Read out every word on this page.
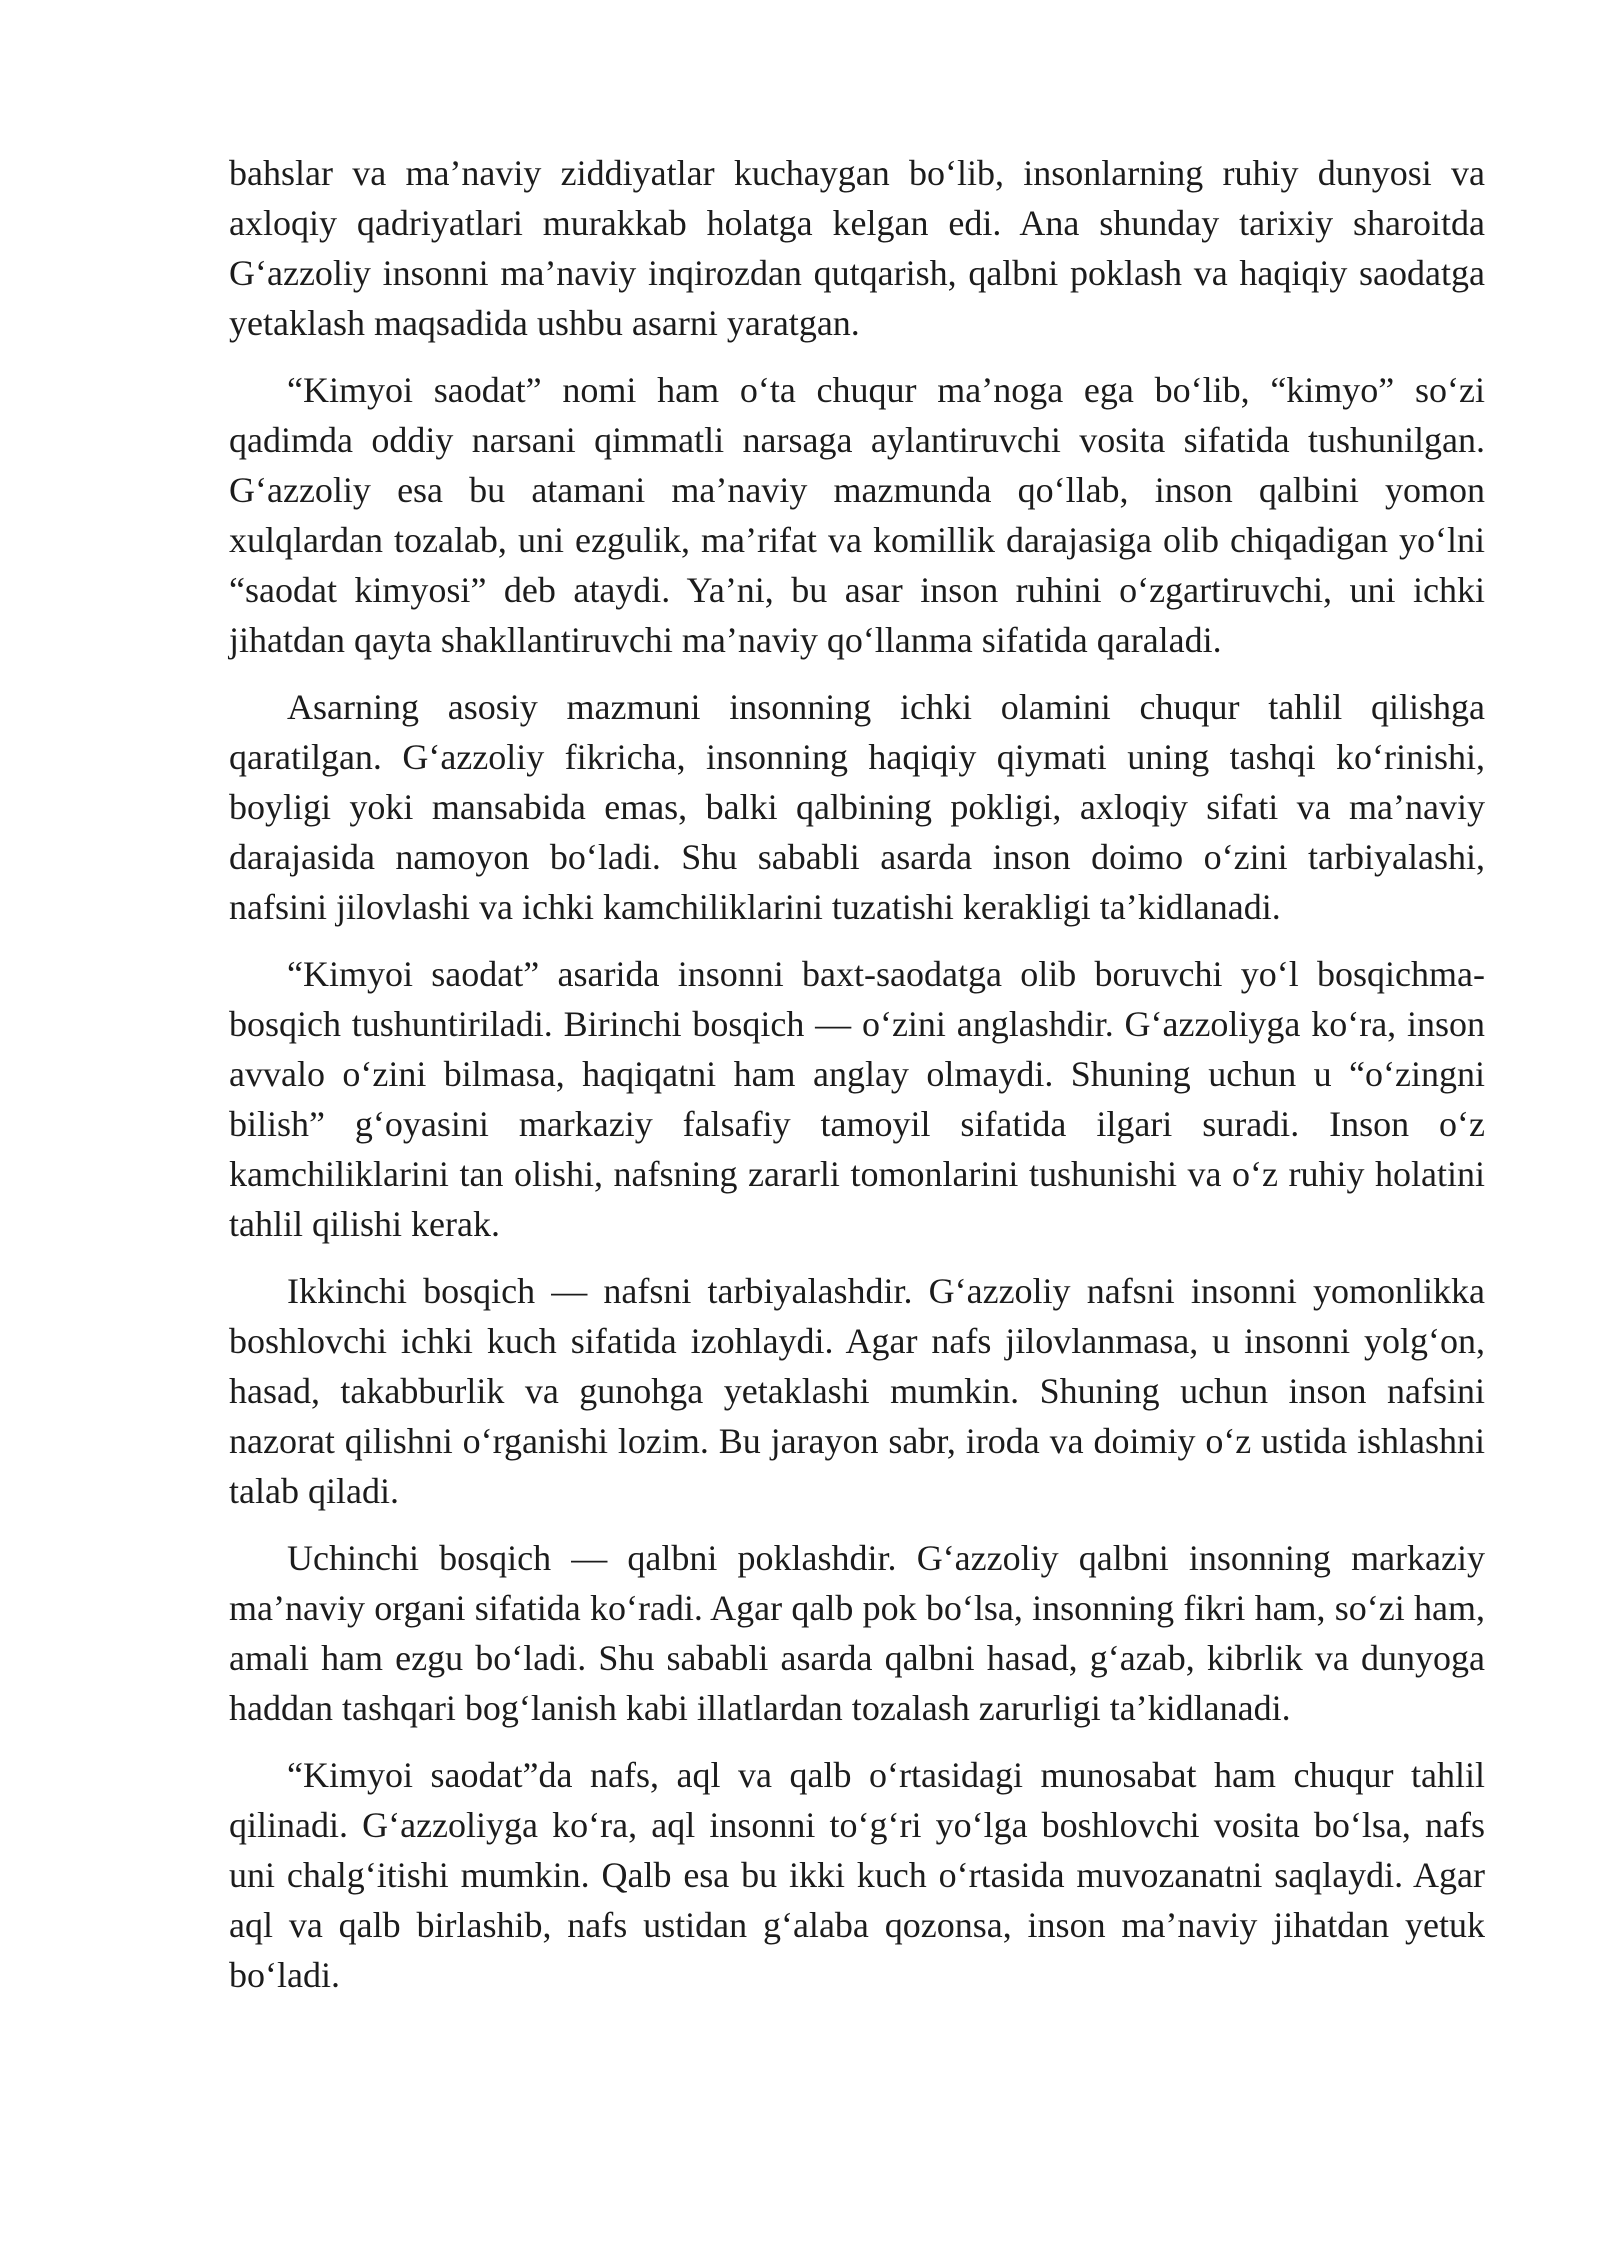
bahslar va ma’naviy ziddiyatlar kuchaygan bo‘lib, insonlarning ruhiy dunyosi va axloqiy qadriyatlari murakkab holatga kelgan edi. Ana shunday tarixiy sharoitda G‘azzoliy insonni ma’naviy inqirozdan qutqarish, qalbni poklash va haqiqiy saodatga yetaklash maqsadida ushbu asarni yaratgan.

“Kimyoi saodat” nomi ham o‘ta chuqur ma’noga ega bo‘lib, “kimyo” so‘zi qadimda oddiy narsani qimmatli narsaga aylantiruvchi vosita sifatida tushunilgan. G‘azzoliy esa bu atamani ma’naviy mazmunda qo‘llab, inson qalbini yomon xulqlardan tozalab, uni ezgulik, ma’rifat va komillik darajasiga olib chiqadigan yo‘lni “saodat kimyosi” deb ataydi. Ya’ni, bu asar inson ruhini o‘zgartiruvchi, uni ichki jihatdan qayta shakllantiruvchi ma’naviy qo‘llanma sifatida qaraladi.

Asarning asosiy mazmuni insonning ichki olamini chuqur tahlil qilishga qaratilgan. G‘azzoliy fikricha, insonning haqiqiy qiymati uning tashqi ko‘rinishi, boyligi yoki mansabida emas, balki qalbining pokligi, axloqiy sifati va ma’naviy darajasida namoyon bo‘ladi. Shu sababli asarda inson doimo o‘zini tarbiyalashi, nafsini jilovlashi va ichki kamchiliklarini tuzatishi kerakligi ta’kidlanadi.

“Kimyoi saodat” asarida insonni baxt-saodatga olib boruvchi yo‘l bosqichma-bosqich tushuntiriladi. Birinchi bosqich — o‘zini anglashdir. G‘azzoliyga ko‘ra, inson avvalo o‘zini bilmasa, haqiqatni ham anglay olmaydi. Shuning uchun u “o‘zingni bilish” g‘oyasini markaziy falsafiy tamoyil sifatida ilgari suradi. Inson o‘z kamchiliklarini tan olishi, nafsning zararli tomonlarini tushunishi va o‘z ruhiy holatini tahlil qilishi kerak.

Ikkinchi bosqich — nafsni tarbiyalashdir. G‘azzoliy nafsni insonni yomonlikka boshlovchi ichki kuch sifatida izohlaydi. Agar nafs jilovlanmasa, u insonni yolg‘on, hasad, takabburlik va gunohga yetaklashi mumkin. Shuning uchun inson nafsini nazorat qilishni o‘rganishi lozim. Bu jarayon sabr, iroda va doimiy o‘z ustida ishlashni talab qiladi.

Uchinchi bosqich — qalbni poklashdir. G‘azzoliy qalbni insonning markaziy ma’naviy organi sifatida ko‘radi. Agar qalb pok bo‘lsa, insonning fikri ham, so‘zi ham, amali ham ezgu bo‘ladi. Shu sababli asarda qalbni hasad, g‘azab, kibrlik va dunyoga haddan tashqari bog‘lanish kabi illatlardan tozalash zarurligi ta’kidlanadi.

“Kimyoi saodat”da nafs, aql va qalb o‘rtasidagi munosabat ham chuqur tahlil qilinadi. G‘azzoliyga ko‘ra, aql insonni to‘g‘ri yo‘lga boshlovchi vosita bo‘lsa, nafs uni chalg‘itishi mumkin. Qalb esa bu ikki kuch o‘rtasida muvozanatni saqlaydi. Agar aql va qalb birlashib, nafs ustidan g‘alaba qozonsa, inson ma’naviy jihatdan yetuk bo‘ladi.
